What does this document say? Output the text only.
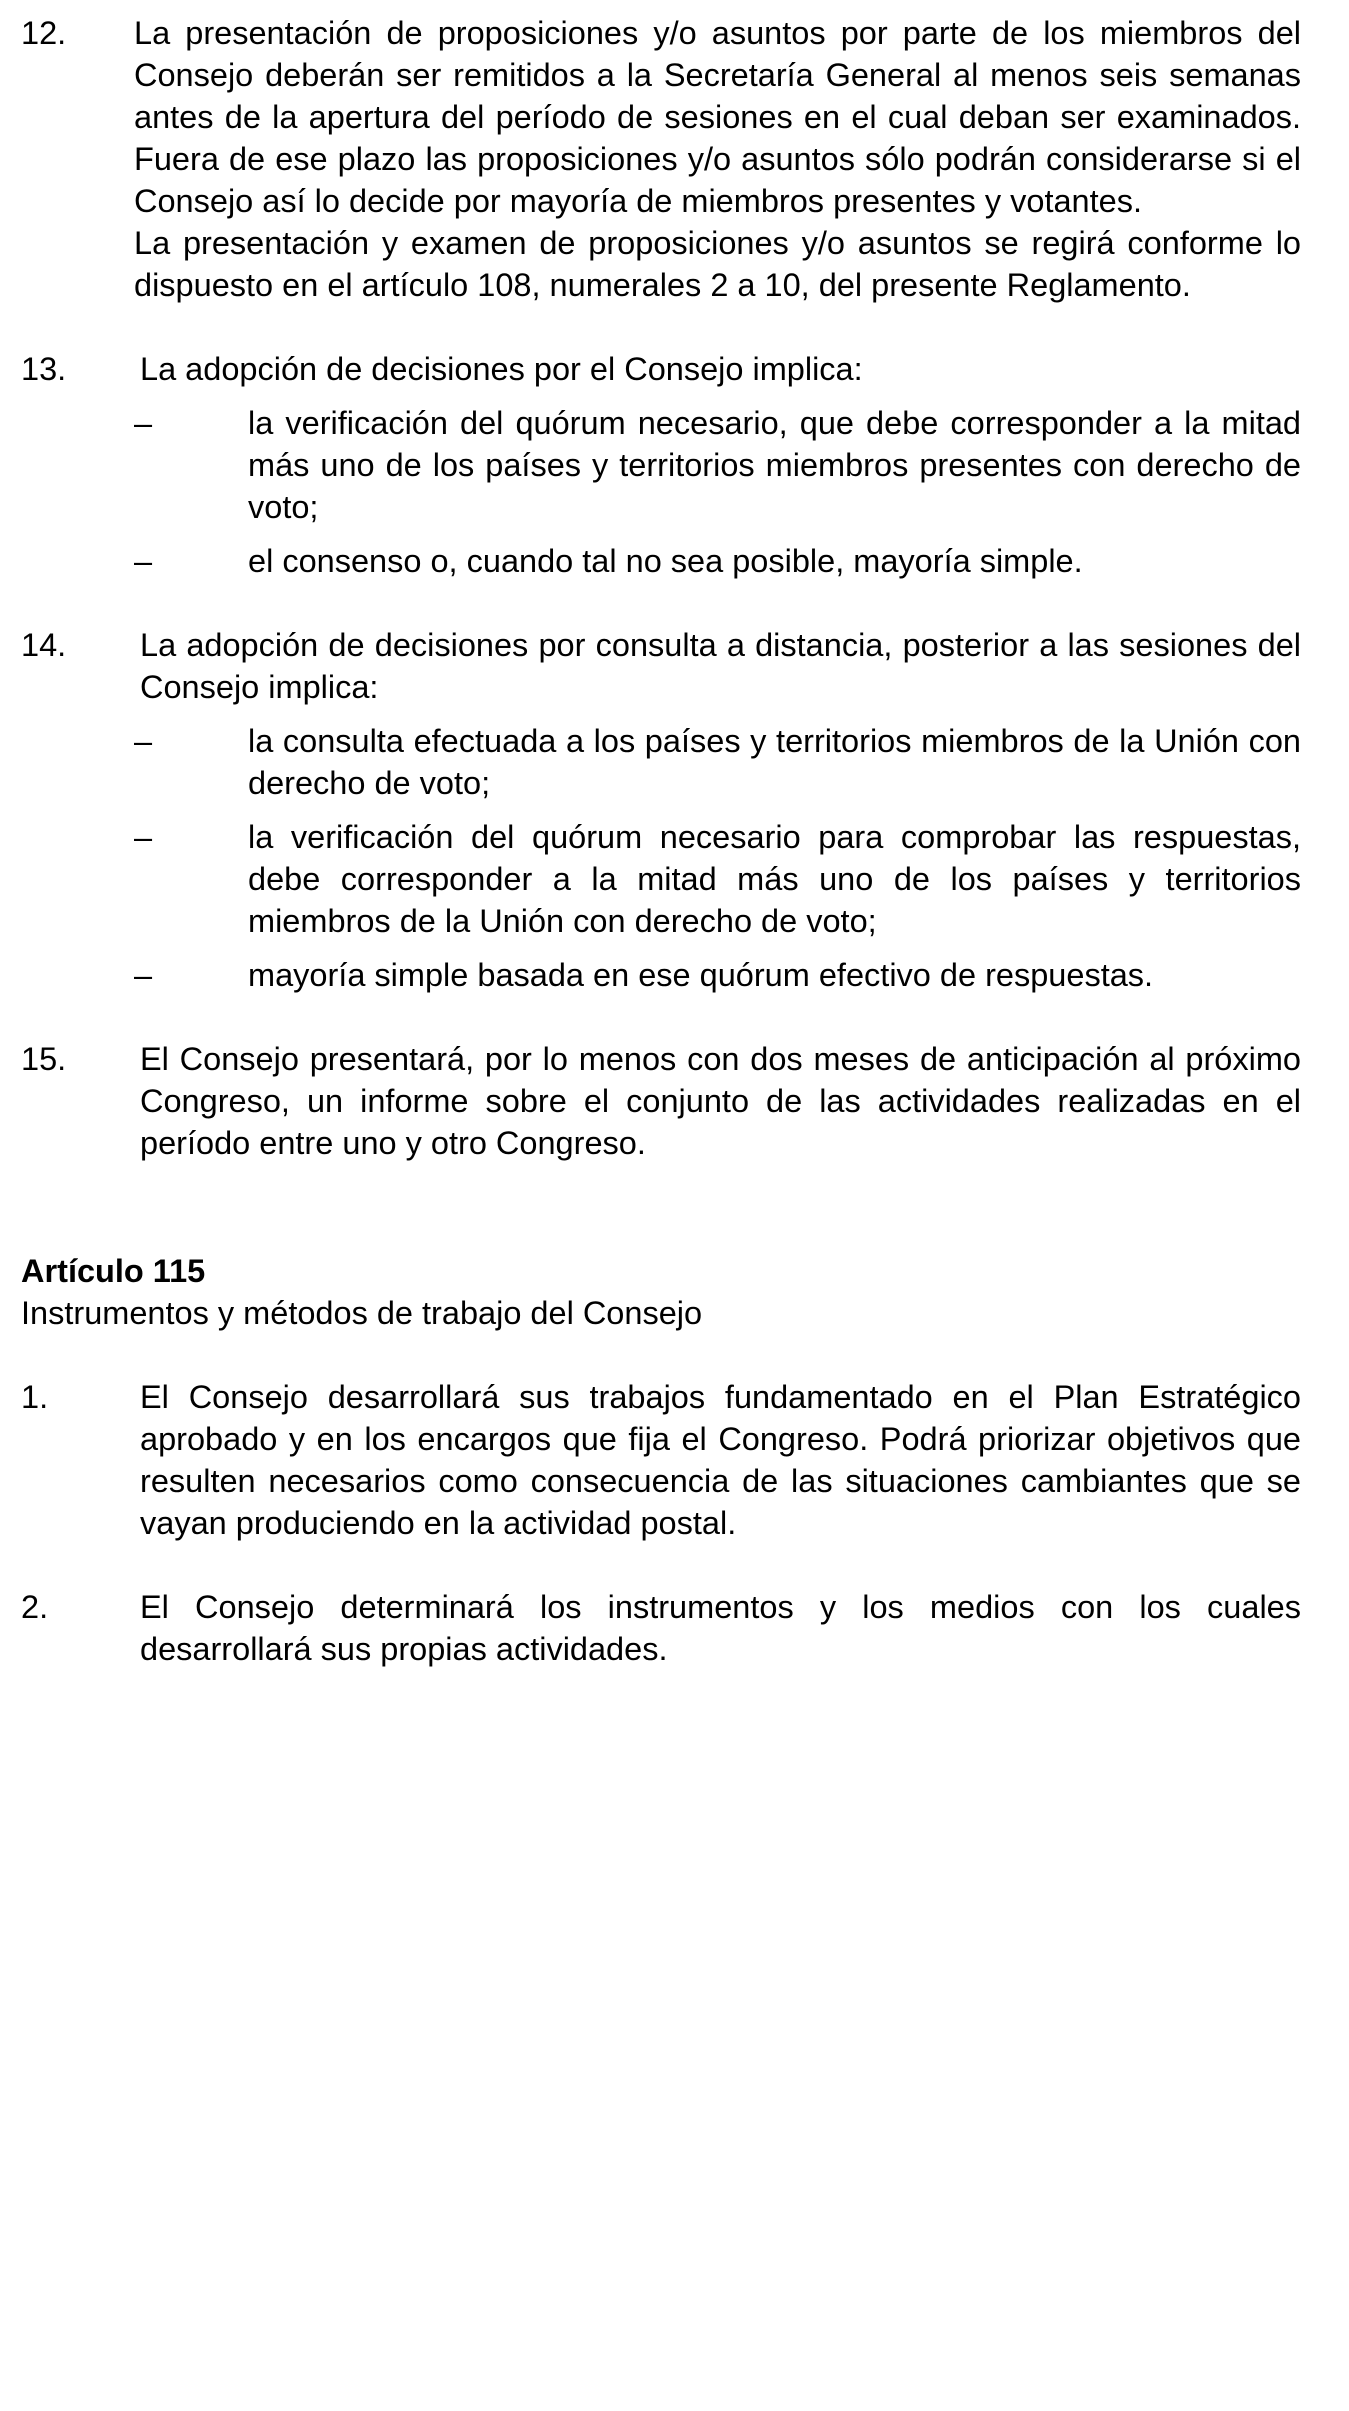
12. La presentación de proposiciones y/o asuntos por parte de los miembros del Consejo deberán ser remitidos a la Secretaría General al menos seis semanas antes de la apertura del período de sesiones en el cual deban ser examinados. Fuera de ese plazo las proposiciones y/o asuntos sólo podrán considerarse si el Consejo así lo decide por mayoría de miembros presentes y votantes.

La presentación y examen de proposiciones y/o asuntos se regirá conforme lo dispuesto en el artículo 108, numerales 2 a 10, del presente Reglamento.

13. La adopción de decisiones por el Consejo implica:

–	la verificación del quórum necesario, que debe corresponder a la mitad más uno de los países y territorios miembros presentes con derecho de voto;
–	el consenso o, cuando tal no sea posible, mayoría simple.
14. La adopción de decisiones por consulta a distancia, posterior a las sesiones del Consejo implica:

–	la consulta efectuada a los países y territorios miembros de la Unión con derecho de voto;
–	la verificación del quórum necesario para comprobar las respuestas, debe corresponder a la mitad más uno de los países y territorios miembros de la Unión con derecho de voto;
–	mayoría simple basada en ese quórum efectivo de respuestas.
15. El Consejo presentará, por lo menos con dos meses de anticipación al próximo Congreso, un informe sobre el conjunto de las actividades realizadas en el período entre uno y otro Congreso.

Artículo 115
Instrumentos y métodos de trabajo del Consejo
1.	El Consejo desarrollará sus trabajos fundamentado en el Plan Estratégico aprobado y en los encargos que fija el Congreso. Podrá priorizar objetivos que resulten necesarios como consecuencia de las situaciones cambiantes que se vayan produciendo en la actividad postal.

2.	El Consejo determinará los instrumentos y los medios con los cuales desarrollará sus propias actividades.
